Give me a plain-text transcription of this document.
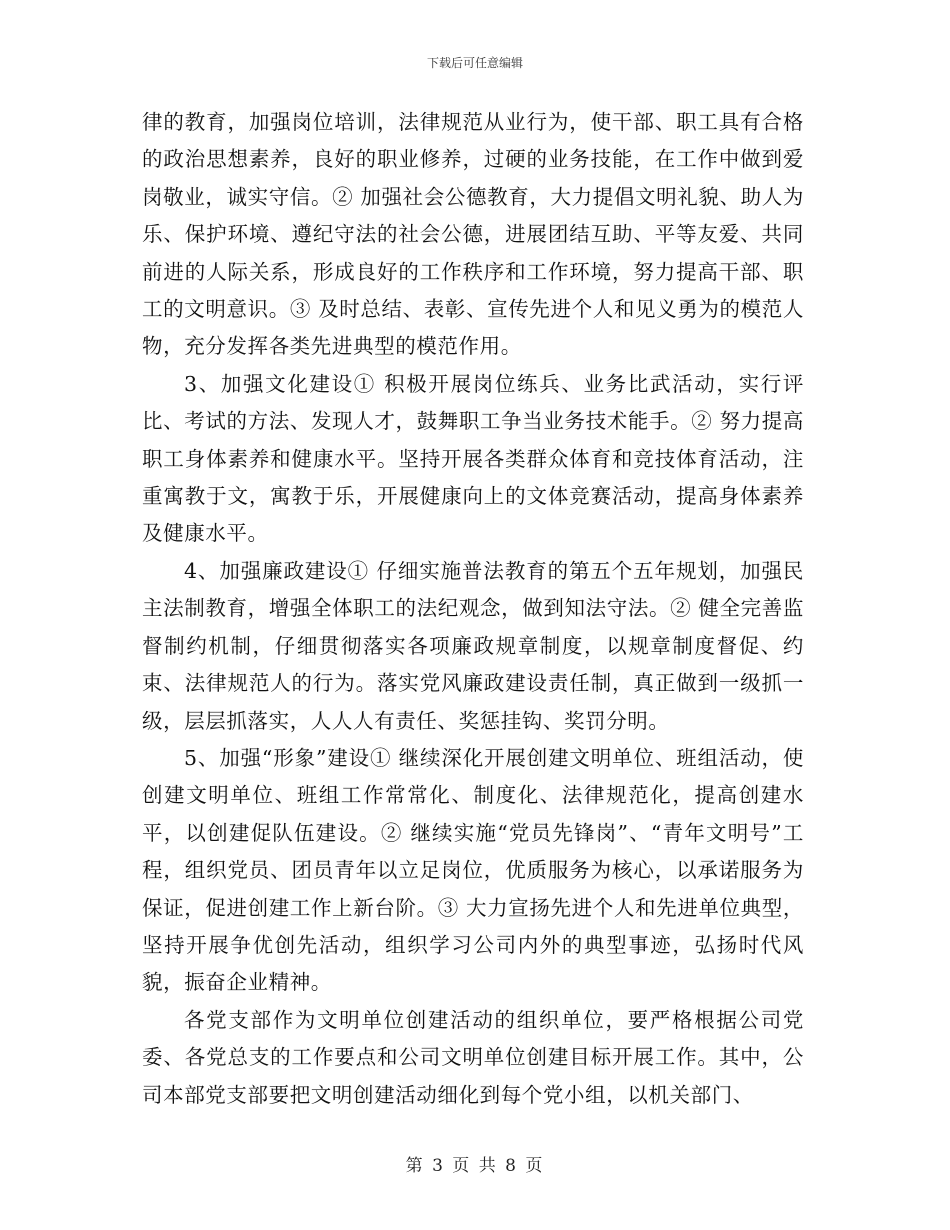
下载后可任意编辑

律的教育，加强岗位培训，法律规范从业行为，使干部、职工具有合格的政治思想素养，良好的职业修养，过硬的业务技能，在工作中做到爱岗敬业，诚实守信。② 加强社会公德教育，大力提倡文明礼貌、助人为乐、保护环境、遵纪守法的社会公德，进展团结互助、平等友爱、共同前进的人际关系，形成良好的工作秩序和工作环境，努力提高干部、职工的文明意识。③ 及时总结、表彰、宣传先进个人和见义勇为的模范人物，充分发挥各类先进典型的模范作用。

3、加强文化建设① 积极开展岗位练兵、业务比武活动，实行评比、考试的方法、发现人才，鼓舞职工争当业务技术能手。② 努力提高职工身体素养和健康水平。坚持开展各类群众体育和竞技体育活动，注重寓教于文，寓教于乐，开展健康向上的文体竞赛活动，提高身体素养及健康水平。

4、加强廉政建设① 仔细实施普法教育的第五个五年规划，加强民主法制教育，增强全体职工的法纪观念，做到知法守法。② 健全完善监督制约机制，仔细贯彻落实各项廉政规章制度，以规章制度督促、约束、法律规范人的行为。落实党风廉政建设责任制，真正做到一级抓一级，层层抓落实，人人人有责任、奖惩挂钩、奖罚分明。

5、加强“形象”建设① 继续深化开展创建文明单位、班组活动，使创建文明单位、班组工作常常化、制度化、法律规范化，提高创建水平，以创建促队伍建设。② 继续实施“党员先锋岗”、“青年文明号”工程，组织党员、团员青年以立足岗位，优质服务为核心，以承诺服务为保证，促进创建工作上新台阶。③ 大力宣扬先进个人和先进单位典型，坚持开展争优创先活动，组织学习公司内外的典型事迹，弘扬时代风貌，振奋企业精神。

各党支部作为文明单位创建活动的组织单位，要严格根据公司党委、各党总支的工作要点和公司文明单位创建目标开展工作。其中，公司本部党支部要把文明创建活动细化到每个党小组，以机关部门、

第 3 页 共 8 页
